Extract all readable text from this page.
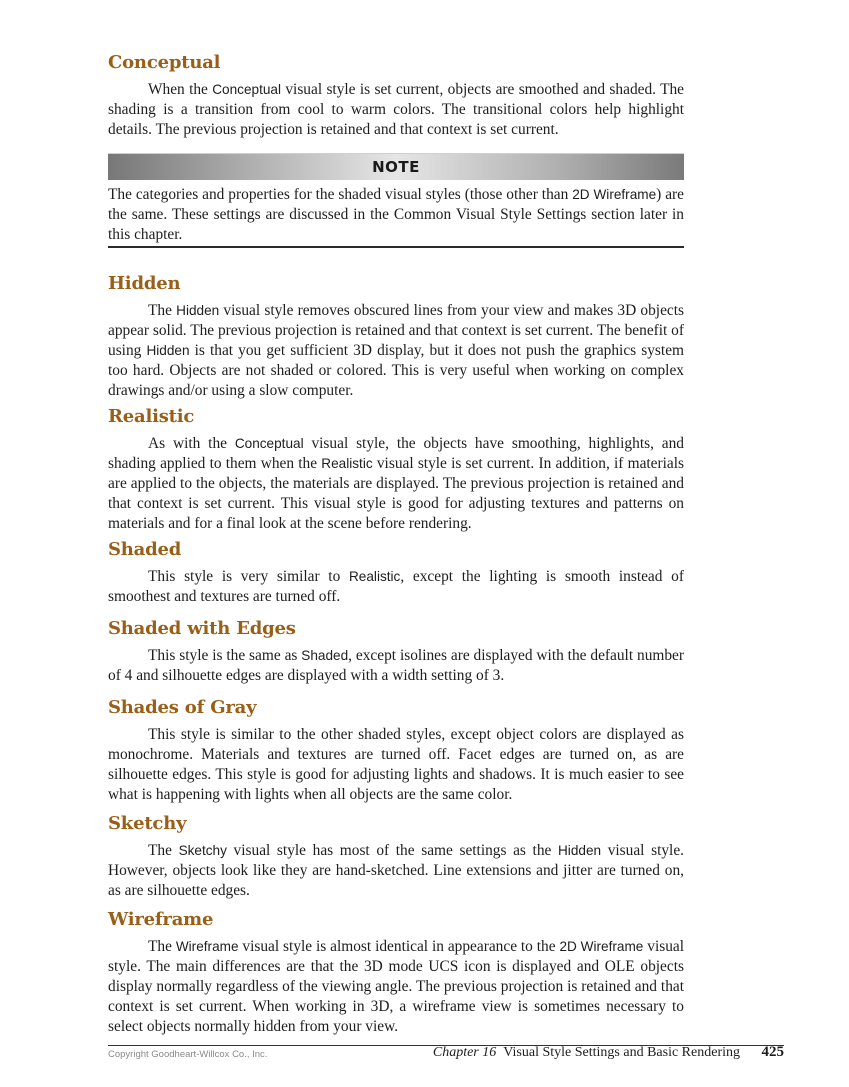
Conceptual

When the Conceptual visual style is set current, objects are smoothed and shaded. The shading is a transition from cool to warm colors. The transitional colors help highlight details. The previous projection is retained and that context is set current.

NOTE

The categories and properties for the shaded visual styles (those other than 2D Wireframe) are the same. These settings are discussed in the Common Visual Style Settings section later in this chapter.

Hidden

The Hidden visual style removes obscured lines from your view and makes 3D objects appear solid. The previous projection is retained and that context is set current. The benefit of using Hidden is that you get sufficient 3D display, but it does not push the graphics system too hard. Objects are not shaded or colored. This is very useful when working on complex drawings and/or using a slow computer.

Realistic

As with the Conceptual visual style, the objects have smoothing, highlights, and shading applied to them when the Realistic visual style is set current. In addition, if materials are applied to the objects, the materials are displayed. The previous projection is retained and that context is set current. This visual style is good for adjusting textures and patterns on materials and for a final look at the scene before rendering.

Shaded

This style is very similar to Realistic, except the lighting is smooth instead of smoothest and textures are turned off.

Shaded with Edges

This style is the same as Shaded, except isolines are displayed with the default number of 4 and silhouette edges are displayed with a width setting of 3.

Shades of Gray

This style is similar to the other shaded styles, except object colors are displayed as monochrome. Materials and textures are turned off. Facet edges are turned on, as are silhouette edges. This style is good for adjusting lights and shadows. It is much easier to see what is happening with lights when all objects are the same color.

Sketchy

The Sketchy visual style has most of the same settings as the Hidden visual style. However, objects look like they are hand-sketched. Line extensions and jitter are turned on, as are silhouette edges.

Wireframe

The Wireframe visual style is almost identical in appearance to the 2D Wireframe visual style. The main differences are that the 3D mode UCS icon is displayed and OLE objects display normally regardless of the viewing angle. The previous projection is retained and that context is set current. When working in 3D, a wireframe view is sometimes necessary to select objects normally hidden from your view.

Copyright Goodheart-Willcox Co., Inc.	Chapter 16 Visual Style Settings and Basic Rendering 425
